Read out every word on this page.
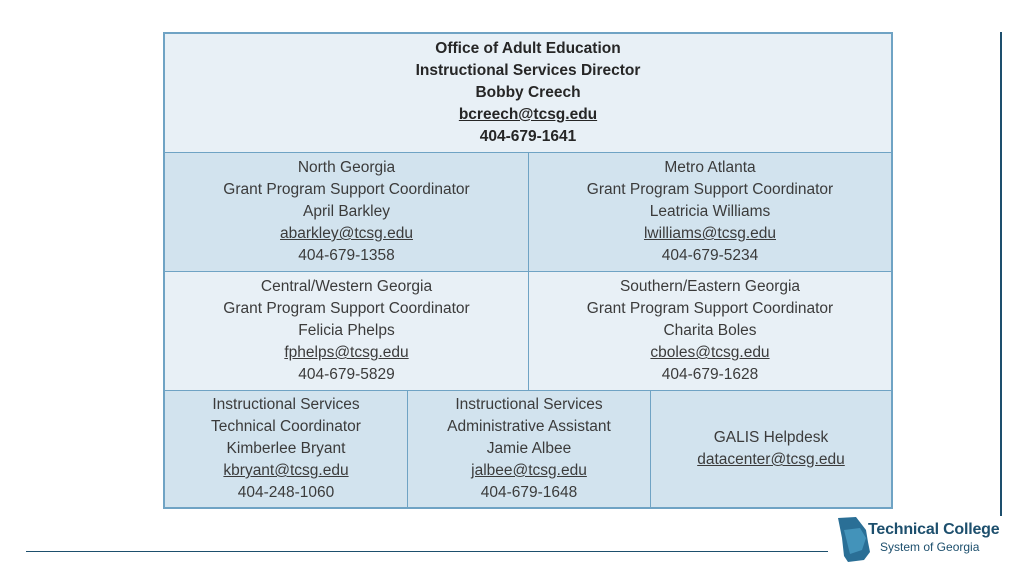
Office of Adult Education
Instructional Services Director
Bobby Creech
bcreech@tcsg.edu
404-679-1641
North Georgia
Grant Program Support Coordinator
April Barkley
abarkley@tcsg.edu
404-679-1358
Metro Atlanta
Grant Program Support Coordinator
Leatricia Williams
lwilliams@tcsg.edu
404-679-5234
Central/Western Georgia
Grant Program Support Coordinator
Felicia Phelps
fphelps@tcsg.edu
404-679-5829
Southern/Eastern Georgia
Grant Program Support Coordinator
Charita Boles
cboles@tcsg.edu
404-679-1628
Instructional Services
Technical Coordinator
Kimberlee Bryant
kbryant@tcsg.edu
404-248-1060
Instructional Services
Administrative Assistant
Jamie Albee
jalbee@tcsg.edu
404-679-1648
GALIS Helpdesk
datacenter@tcsg.edu
Technical College
System of Georgia
